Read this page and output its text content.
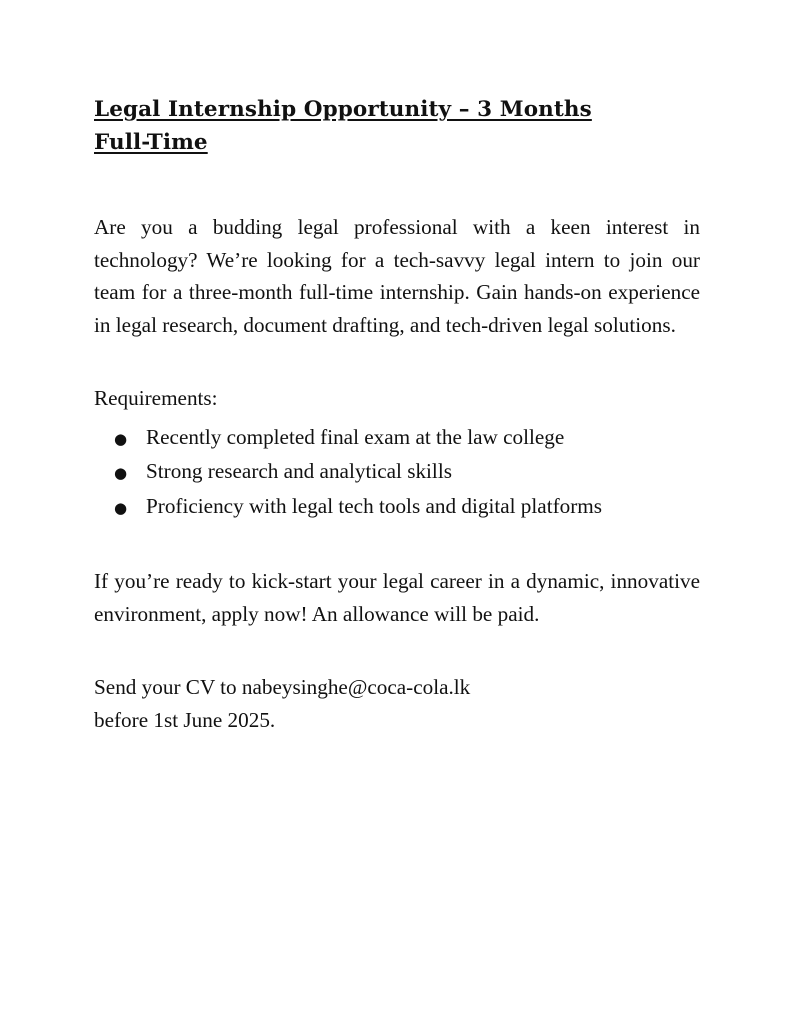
Legal Internship Opportunity – 3 Months
Full-Time

Are you a budding legal professional with a keen interest in technology? We’re looking for a tech-savvy legal intern to join our team for a three-month full-time internship. Gain hands-on experience in legal research, document drafting, and tech-driven legal solutions.

Requirements:

● Recently completed final exam at the law college
● Strong research and analytical skills
● Proficiency with legal tech tools and digital platforms

If you’re ready to kick-start your legal career in a dynamic, innovative environment, apply now! An allowance will be paid.

Send your CV to nabeysinghe@coca-cola.lk
before 1st June 2025.
